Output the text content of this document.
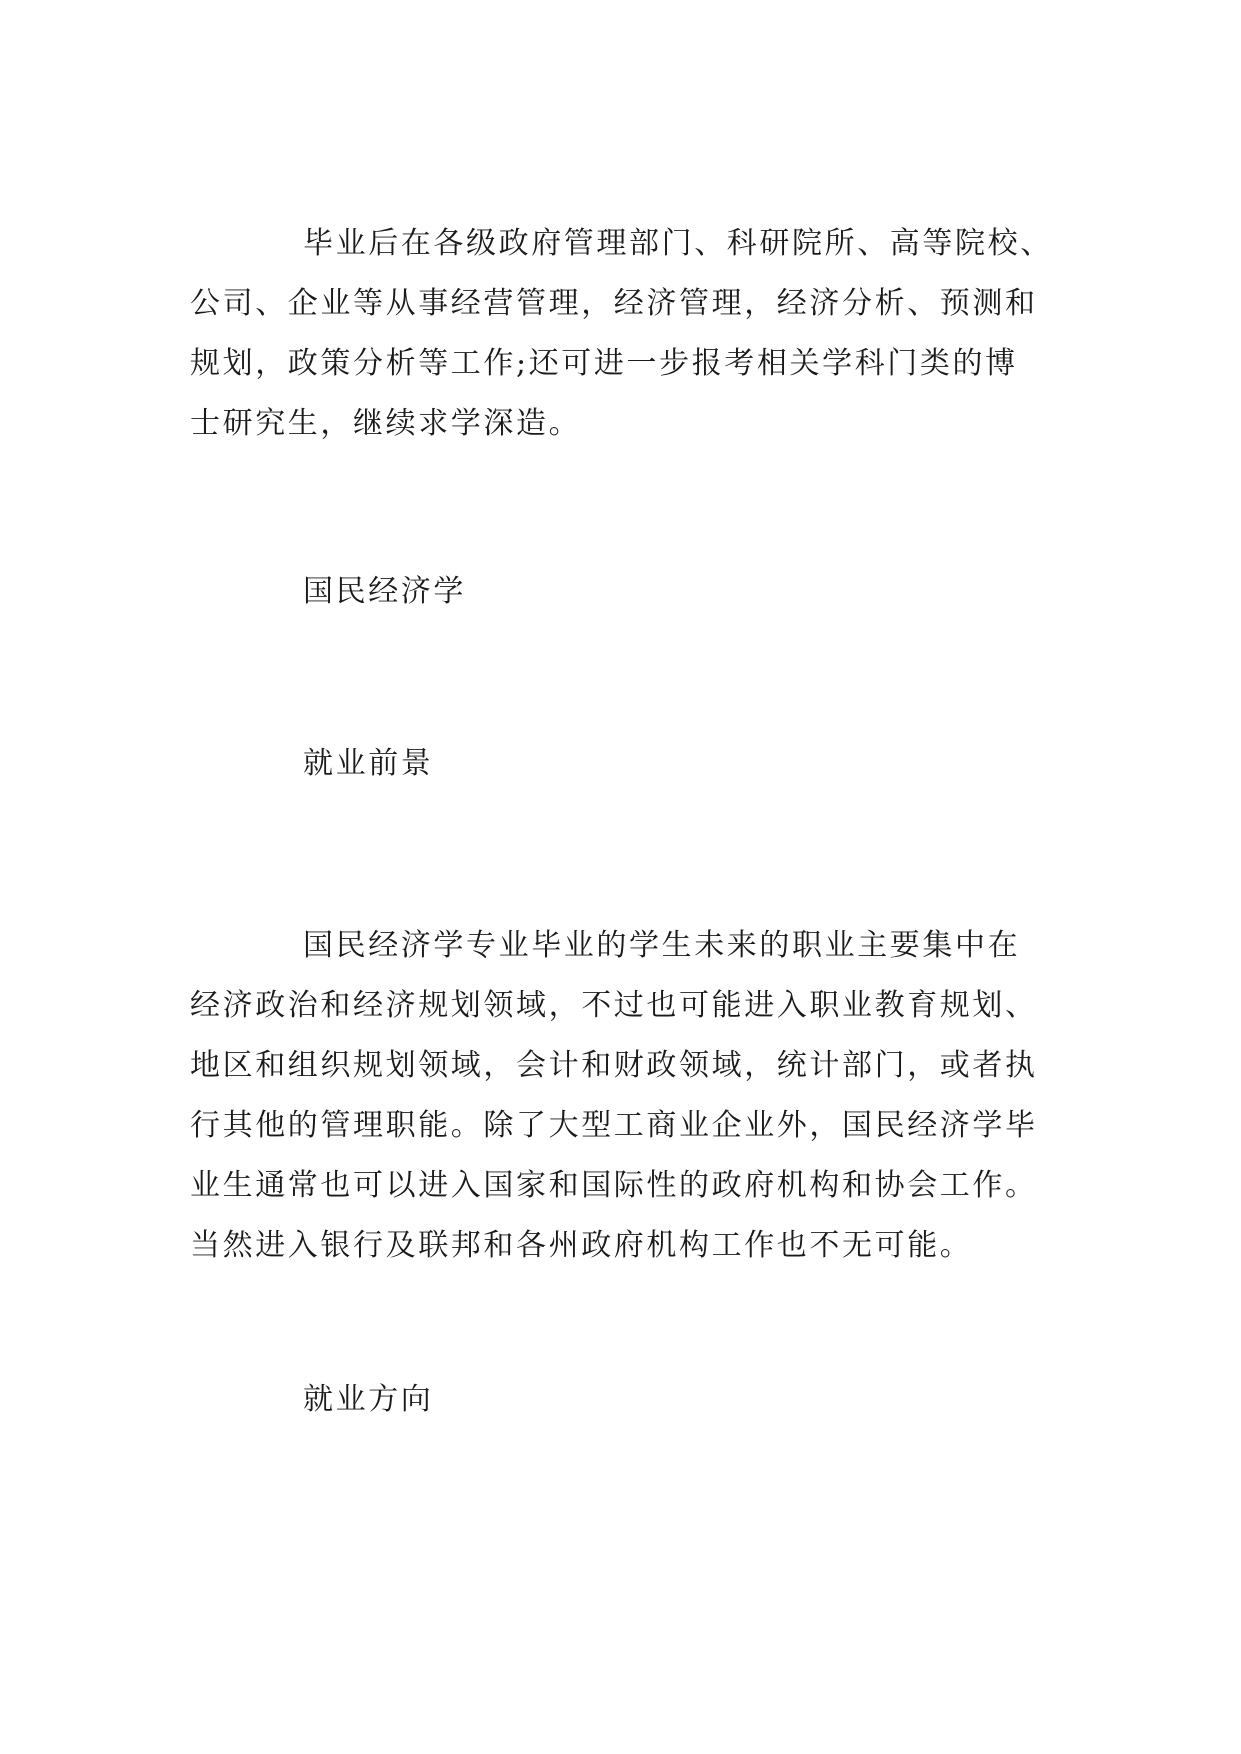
毕业后在各级政府管理部门、科研院所、高等院校、
公司、企业等从事经营管理，经济管理，经济分析、预测和
规划，政策分析等工作;还可进一步报考相关学科门类的博
士研究生，继续求学深造。

国民经济学
就业前景

国民经济学专业毕业的学生未来的职业主要集中在
经济政治和经济规划领域，不过也可能进入职业教育规划、
地区和组织规划领域，会计和财政领域，统计部门，或者执
行其他的管理职能。除了大型工商业企业外，国民经济学毕
业生通常也可以进入国家和国际性的政府机构和协会工作。
当然进入银行及联邦和各州政府机构工作也不无可能。

就业方向
